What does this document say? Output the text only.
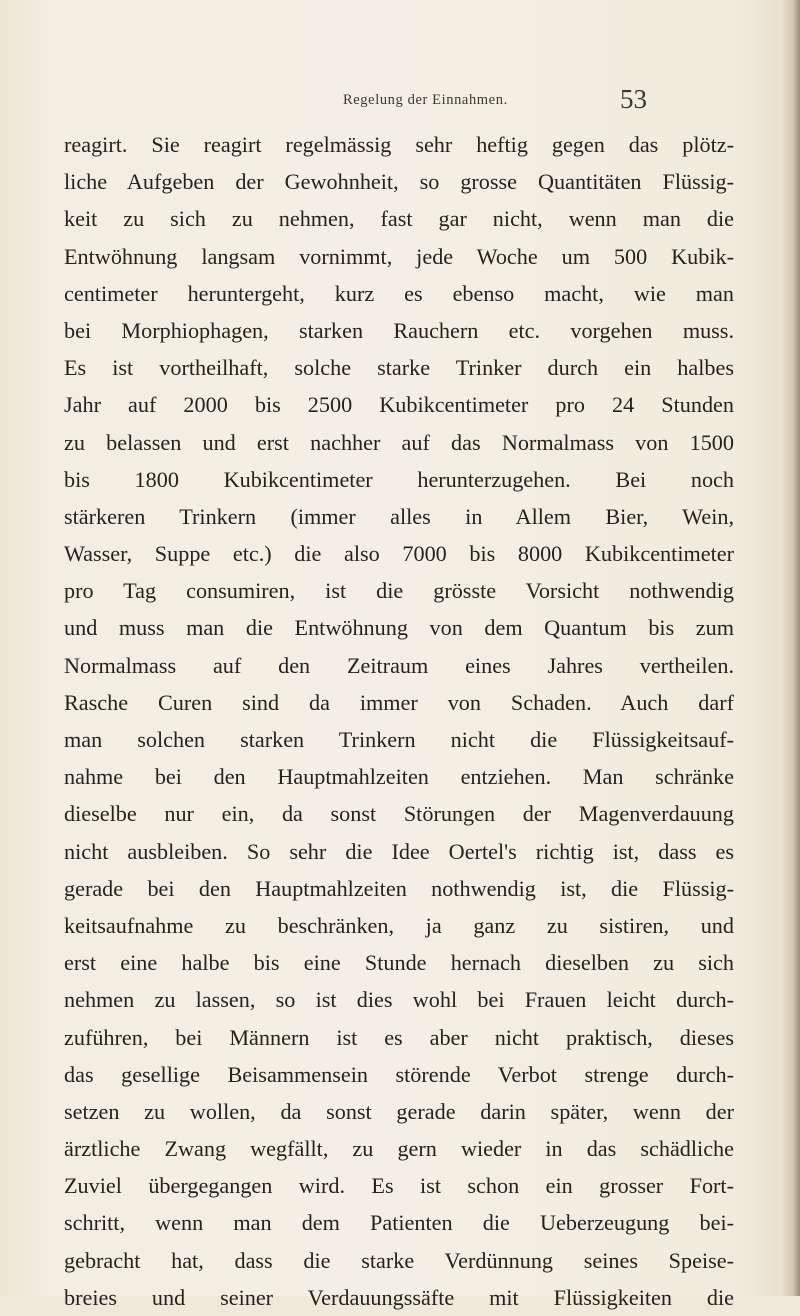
Regelung der Einnahmen.	53
reagirt. Sie reagirt regelmässig sehr heftig gegen das plötz-
liche Aufgeben der Gewohnheit, so grosse Quantitäten Flüssig-
keit zu sich zu nehmen, fast gar nicht, wenn man die
Entwöhnung langsam vornimmt, jede Woche um 500 Kubik-
centimeter heruntergeht, kurz es ebenso macht, wie man
bei Morphiophagen, starken Rauchern etc. vorgehen muss.
Es ist vortheilhaft, solche starke Trinker durch ein halbes
Jahr auf 2000 bis 2500 Kubikcentimeter pro 24 Stunden
zu belassen und erst nachher auf das Normalmass von 1500
bis 1800 Kubikcentimeter herunterzugehen. Bei noch
stärkeren Trinkern (immer alles in Allem Bier, Wein,
Wasser, Suppe etc.) die also 7000 bis 8000 Kubikcentimeter
pro Tag consumiren, ist die grösste Vorsicht nothwendig
und muss man die Entwöhnung von dem Quantum bis zum
Normalmass auf den Zeitraum eines Jahres vertheilen.
Rasche Curen sind da immer von Schaden. Auch darf
man solchen starken Trinkern nicht die Flüssigkeitsauf-
nahme bei den Hauptmahlzeiten entziehen. Man schränke
dieselbe nur ein, da sonst Störungen der Magenverdauung
nicht ausbleiben. So sehr die Idee Oertel's richtig ist, dass es
gerade bei den Hauptmahlzeiten nothwendig ist, die Flüssig-
keitsaufnahme zu beschränken, ja ganz zu sistiren, und
erst eine halbe bis eine Stunde hernach dieselben zu sich
nehmen zu lassen, so ist dies wohl bei Frauen leicht durch-
zuführen, bei Männern ist es aber nicht praktisch, dieses
das gesellige Beisammensein störende Verbot strenge durch-
setzen zu wollen, da sonst gerade darin später, wenn der
ärztliche Zwang wegfällt, zu gern wieder in das schädliche
Zuviel übergegangen wird. Es ist schon ein grosser Fort-
schritt, wenn man dem Patienten die Ueberzeugung bei-
gebracht hat, dass die starke Verdünnung seines Speise-
breies und seiner Verdauungssäfte mit Flüssigkeiten die
